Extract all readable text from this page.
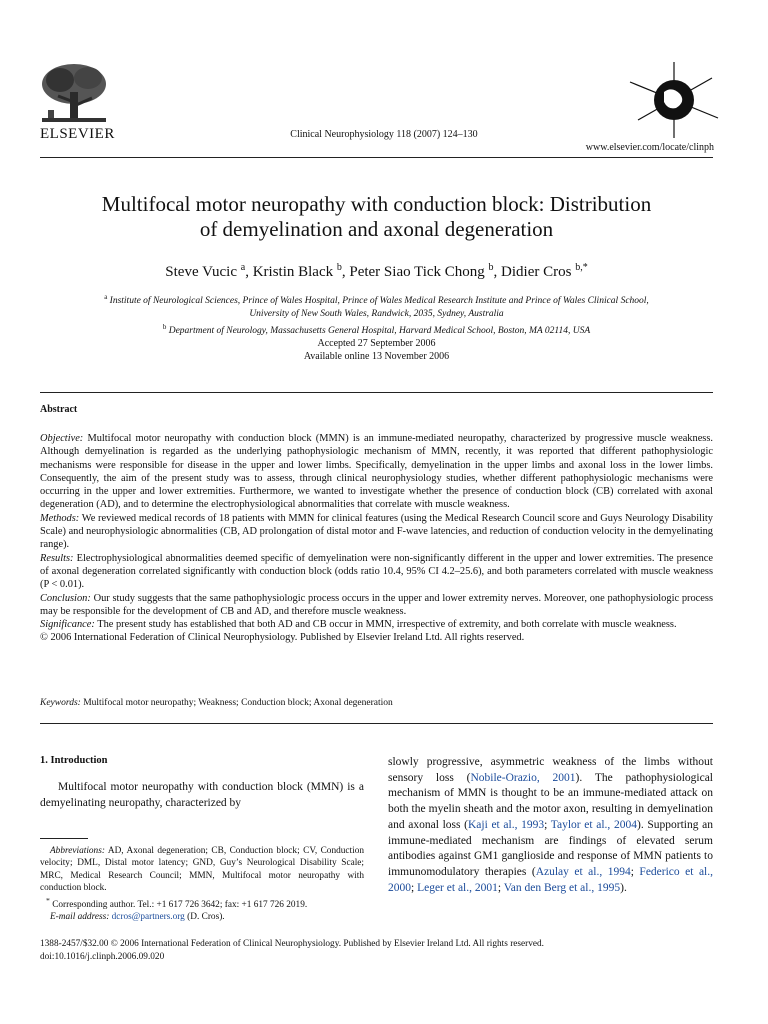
ELSEVIER	Clinical Neurophysiology 118 (2007) 124–130
www.elsevier.com/locate/clinph
Multifocal motor neuropathy with conduction block: Distribution
of demyelination and axonal degeneration
Steve Vucic $^a$, Kristin Black $^b$, Peter Siao Tick Chong $^b$, Didier Cros $^{b,*}$
$^a$ Institute of Neurological Sciences, Prince of Wales Hospital, Prince of Wales Medical Research Institute and Prince of Wales Clinical School,
University of New South Wales, Randwick, 2035, Sydney, Australia
$^b$ Department of Neurology, Massachusetts General Hospital, Harvard Medical School, Boston, MA 02114, USA
Accepted 27 September 2006
Available online 13 November 2006
Abstract

Objective: Multifocal motor neuropathy with conduction block (MMN) is an immune-mediated neuropathy, characterized by progressive muscle weakness. Although demyelination is regarded as the underlying pathophysiologic mechanism of MMN, recently, it was reported that different pathophysiologic mechanisms were responsible for disease in the upper and lower limbs. Specifically, demyelination in the upper limbs and axonal loss in the lower limbs. Consequently, the aim of the present study was to assess, through clinical neurophysiology studies, whether different pathophysiologic mechanisms were occurring in the upper and lower extremities. Furthermore, we wanted to investigate whether the presence of conduction block (CB) correlated with axonal degeneration (AD), and to determine the electrophysiological abnormalities that correlate with muscle weakness.

Methods: We reviewed medical records of 18 patients with MMN for clinical features (using the Medical Research Council score and Guys Neurology Disability Scale) and neurophysiologic abnormalities (CB, AD prolongation of distal motor and F-wave latencies, and reduction of conduction velocity in the demyelinating range).

Results: Electrophysiological abnormalities deemed specific of demyelination were non-significantly different in the upper and lower extremities. The presence of axonal degeneration correlated significantly with conduction block (odds ratio 10.4, 95% CI 4.2–25.6), and both parameters correlated with muscle weakness (P < 0.01).

Conclusion: Our study suggests that the same pathophysiologic process occurs in the upper and lower extremity nerves. Moreover, one pathophysiologic process may be responsible for the development of CB and AD, and therefore muscle weakness.

Significance: The present study has established that both AD and CB occur in MMN, irrespective of extremity, and both correlate with muscle weakness.

© 2006 International Federation of Clinical Neurophysiology. Published by Elsevier Ireland Ltd. All rights reserved.

Keywords: Multifocal motor neuropathy; Weakness; Conduction block; Axonal degeneration
1. Introduction

Multifocal motor neuropathy with conduction block (MMN) is a demyelinating neuropathy, characterized by

slowly progressive, asymmetric weakness of the limbs without sensory loss (Nobile-Orazio, 2001). The pathophysiological mechanism of MMN is thought to be an immune-mediated attack on both the myelin sheath and the motor axon, resulting in demyelination and axonal loss (Kaji et al., 1993; Taylor et al., 2004). Supporting an immune-mediated mechanism are findings of elevated serum antibodies against GM1 ganglioside and response of MMN patients to immunomodulatory therapies (Azulay et al., 1994; Federico et al., 2000; Leger et al., 2001; Van den Berg et al., 1995).

Abbreviations: AD, Axonal degeneration; CB, Conduction block; CV, Conduction velocity; DML, Distal motor latency; GND, Guy’s Neurological Disability Scale; MRC, Medical Research Council; MMN, Multifocal motor neuropathy with conduction block.

* Corresponding author. Tel.: +1 617 726 3642; fax: +1 617 726 2019.

E-mail address: dcros@partners.org (D. Cros).

1388-2457/$32.00 © 2006 International Federation of Clinical Neurophysiology. Published by Elsevier Ireland Ltd. All rights reserved.
doi:10.1016/j.clinph.2006.09.020
